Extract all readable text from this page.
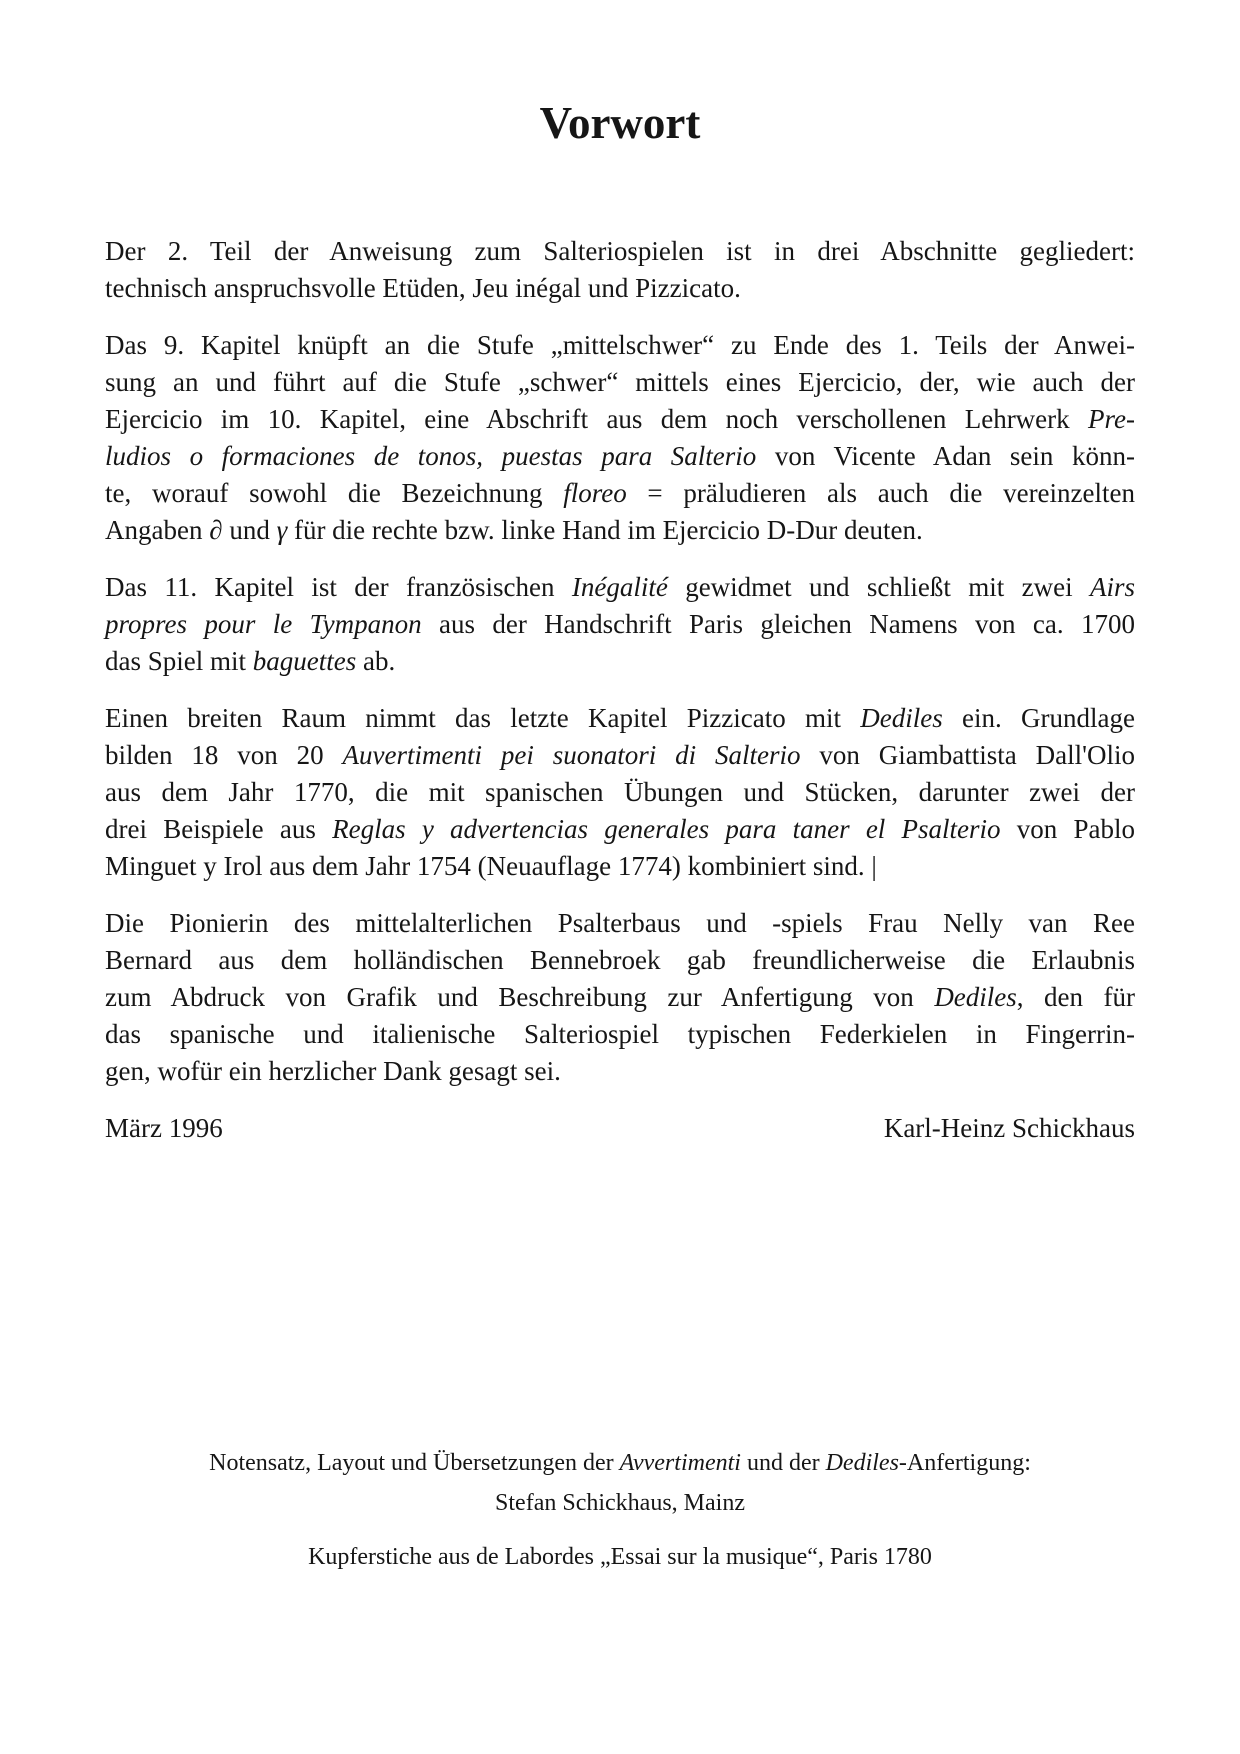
Vorwort
Der 2. Teil der Anweisung zum Salteriospielen ist in drei Abschnitte gegliedert:
technisch anspruchsvolle Etüden, Jeu inégal und Pizzicato.
Das 9. Kapitel knüpft an die Stufe „mittelschwer“ zu Ende des 1. Teils der Anwei-
sung an und führt auf die Stufe „schwer“ mittels eines Ejercicio, der, wie auch der
Ejercicio im 10. Kapitel, eine Abschrift aus dem noch verschollenen Lehrwerk Pre-
ludios o formaciones de tonos, puestas para Salterio von Vicente Adan sein könn-
te, worauf sowohl die Bezeichnung floreo = präludieren als auch die vereinzelten
Angaben ∂ und γ für die rechte bzw. linke Hand im Ejercicio D-Dur deuten.
Das 11. Kapitel ist der französischen Inégalité gewidmet und schließt mit zwei Airs
propres pour le Tympanon aus der Handschrift Paris gleichen Namens von ca. 1700
das Spiel mit baguettes ab.
Einen breiten Raum nimmt das letzte Kapitel Pizzicato mit Dediles ein. Grundlage
bilden 18 von 20 Auvertimenti pei suonatori di Salterio von Giambattista Dall'Olio
aus dem Jahr 1770, die mit spanischen Übungen und Stücken, darunter zwei der
drei Beispiele aus Reglas y advertencias generales para taner el Psalterio von Pablo
Minguet y Irol aus dem Jahr 1754 (Neuauflage 1774) kombiniert sind. |
Die Pionierin des mittelalterlichen Psalterbaus und -spiels Frau Nelly van Ree
Bernard aus dem holländischen Bennebroek gab freundlicherweise die Erlaubnis
zum Abdruck von Grafik und Beschreibung zur Anfertigung von Dediles, den für
das spanische und italienische Salteriospiel typischen Federkielen in Fingerrin-
gen, wofür ein herzlicher Dank gesagt sei.
März 1996	Karl-Heinz Schickhaus
Notensatz, Layout und Übersetzungen der Avvertimenti und der Dediles-Anfertigung:
Stefan Schickhaus, Mainz
Kupferstiche aus de Labordes „Essai sur la musique“, Paris 1780
